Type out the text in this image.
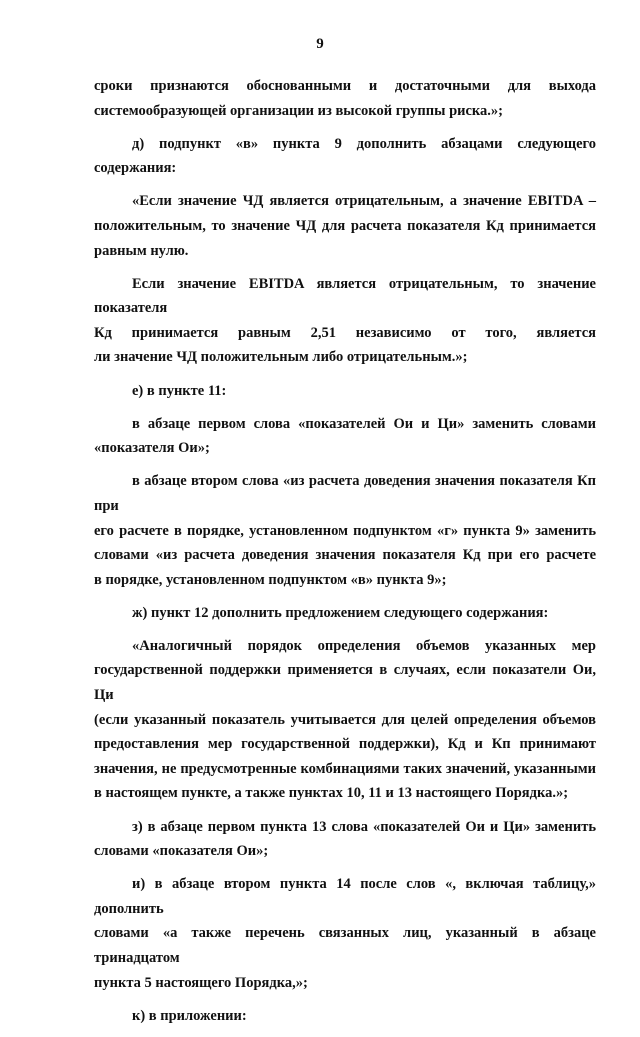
9
сроки признаются обоснованными и достаточными для выхода
системообразующей организации из высокой группы риска.»;
д) подпункт «в» пункта 9 дополнить абзацами следующего содержания:
«Если значение ЧД является отрицательным, а значение EBITDA –
положительным, то значение ЧД для расчета показателя Кд принимается
равным нулю.
Если значение EBITDA является отрицательным, то значение показателя
Кд принимается равным 2,51 независимо от того, является
ли значение ЧД положительным либо отрицательным.»;
е) в пункте 11:
в абзаце первом слова «показателей Ои и Ци» заменить словами
«показателя Ои»;
в абзаце втором слова «из расчета доведения значения показателя Кп при
его расчете в порядке, установленном подпунктом «г» пункта 9» заменить
словами «из расчета доведения значения показателя Кд при его расчете
в порядке, установленном подпунктом «в» пункта 9»;
ж) пункт 12 дополнить предложением следующего содержания:
«Аналогичный порядок определения объемов указанных мер
государственной поддержки применяется в случаях, если показатели Ои, Ци
(если указанный показатель учитывается для целей определения объемов
предоставления мер государственной поддержки), Кд и Кп принимают
значения, не предусмотренные комбинациями таких значений, указанными
в настоящем пункте, а также пунктах 10, 11 и 13 настоящего Порядка.»;
з) в абзаце первом пункта 13 слова «показателей Ои и Ци» заменить
словами «показателя Ои»;
и) в абзаце втором пункта 14 после слов «, включая таблицу,» дополнить
словами «а также перечень связанных лиц, указанный в абзаце тринадцатом
пункта 5 настоящего Порядка,»;
к) в приложении:
